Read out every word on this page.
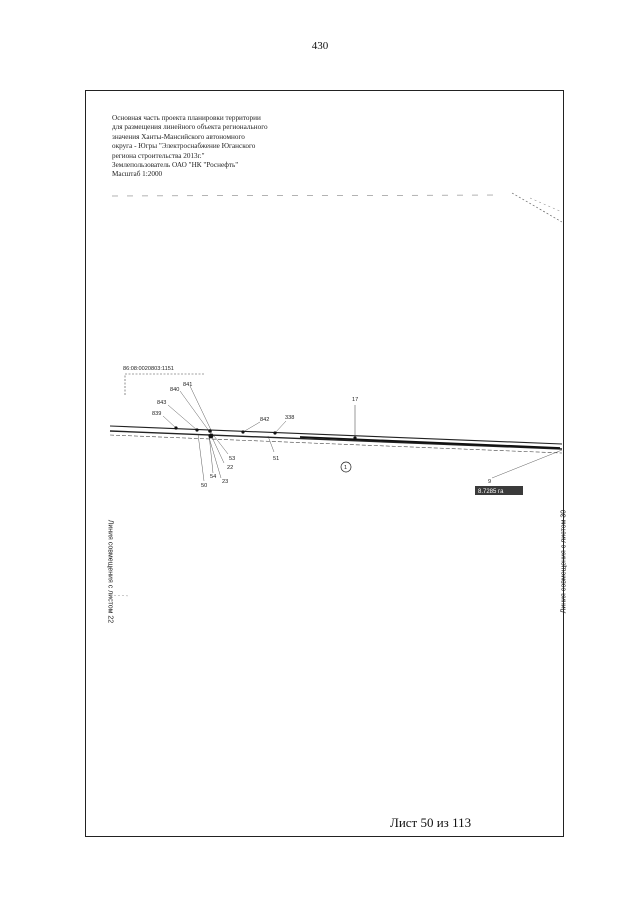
430
Основная часть проекта планировки территории
для размещения линейного объекта регионального
значения Ханты-Мансийского автономного
округа - Югры "Электроснабжение Юганского
региона строительства 2013г."
Землепользователь ОАО "НК "Роснефть"
Масштаб 1:2000
86:08:0020803:1151
841
840
843
839
842	338
17
53
22
54
23
50
51
1
9
8.7285 га
Линия совмещения с листом 22	Линия совмещения с листом 30
Лист 50 из 113
